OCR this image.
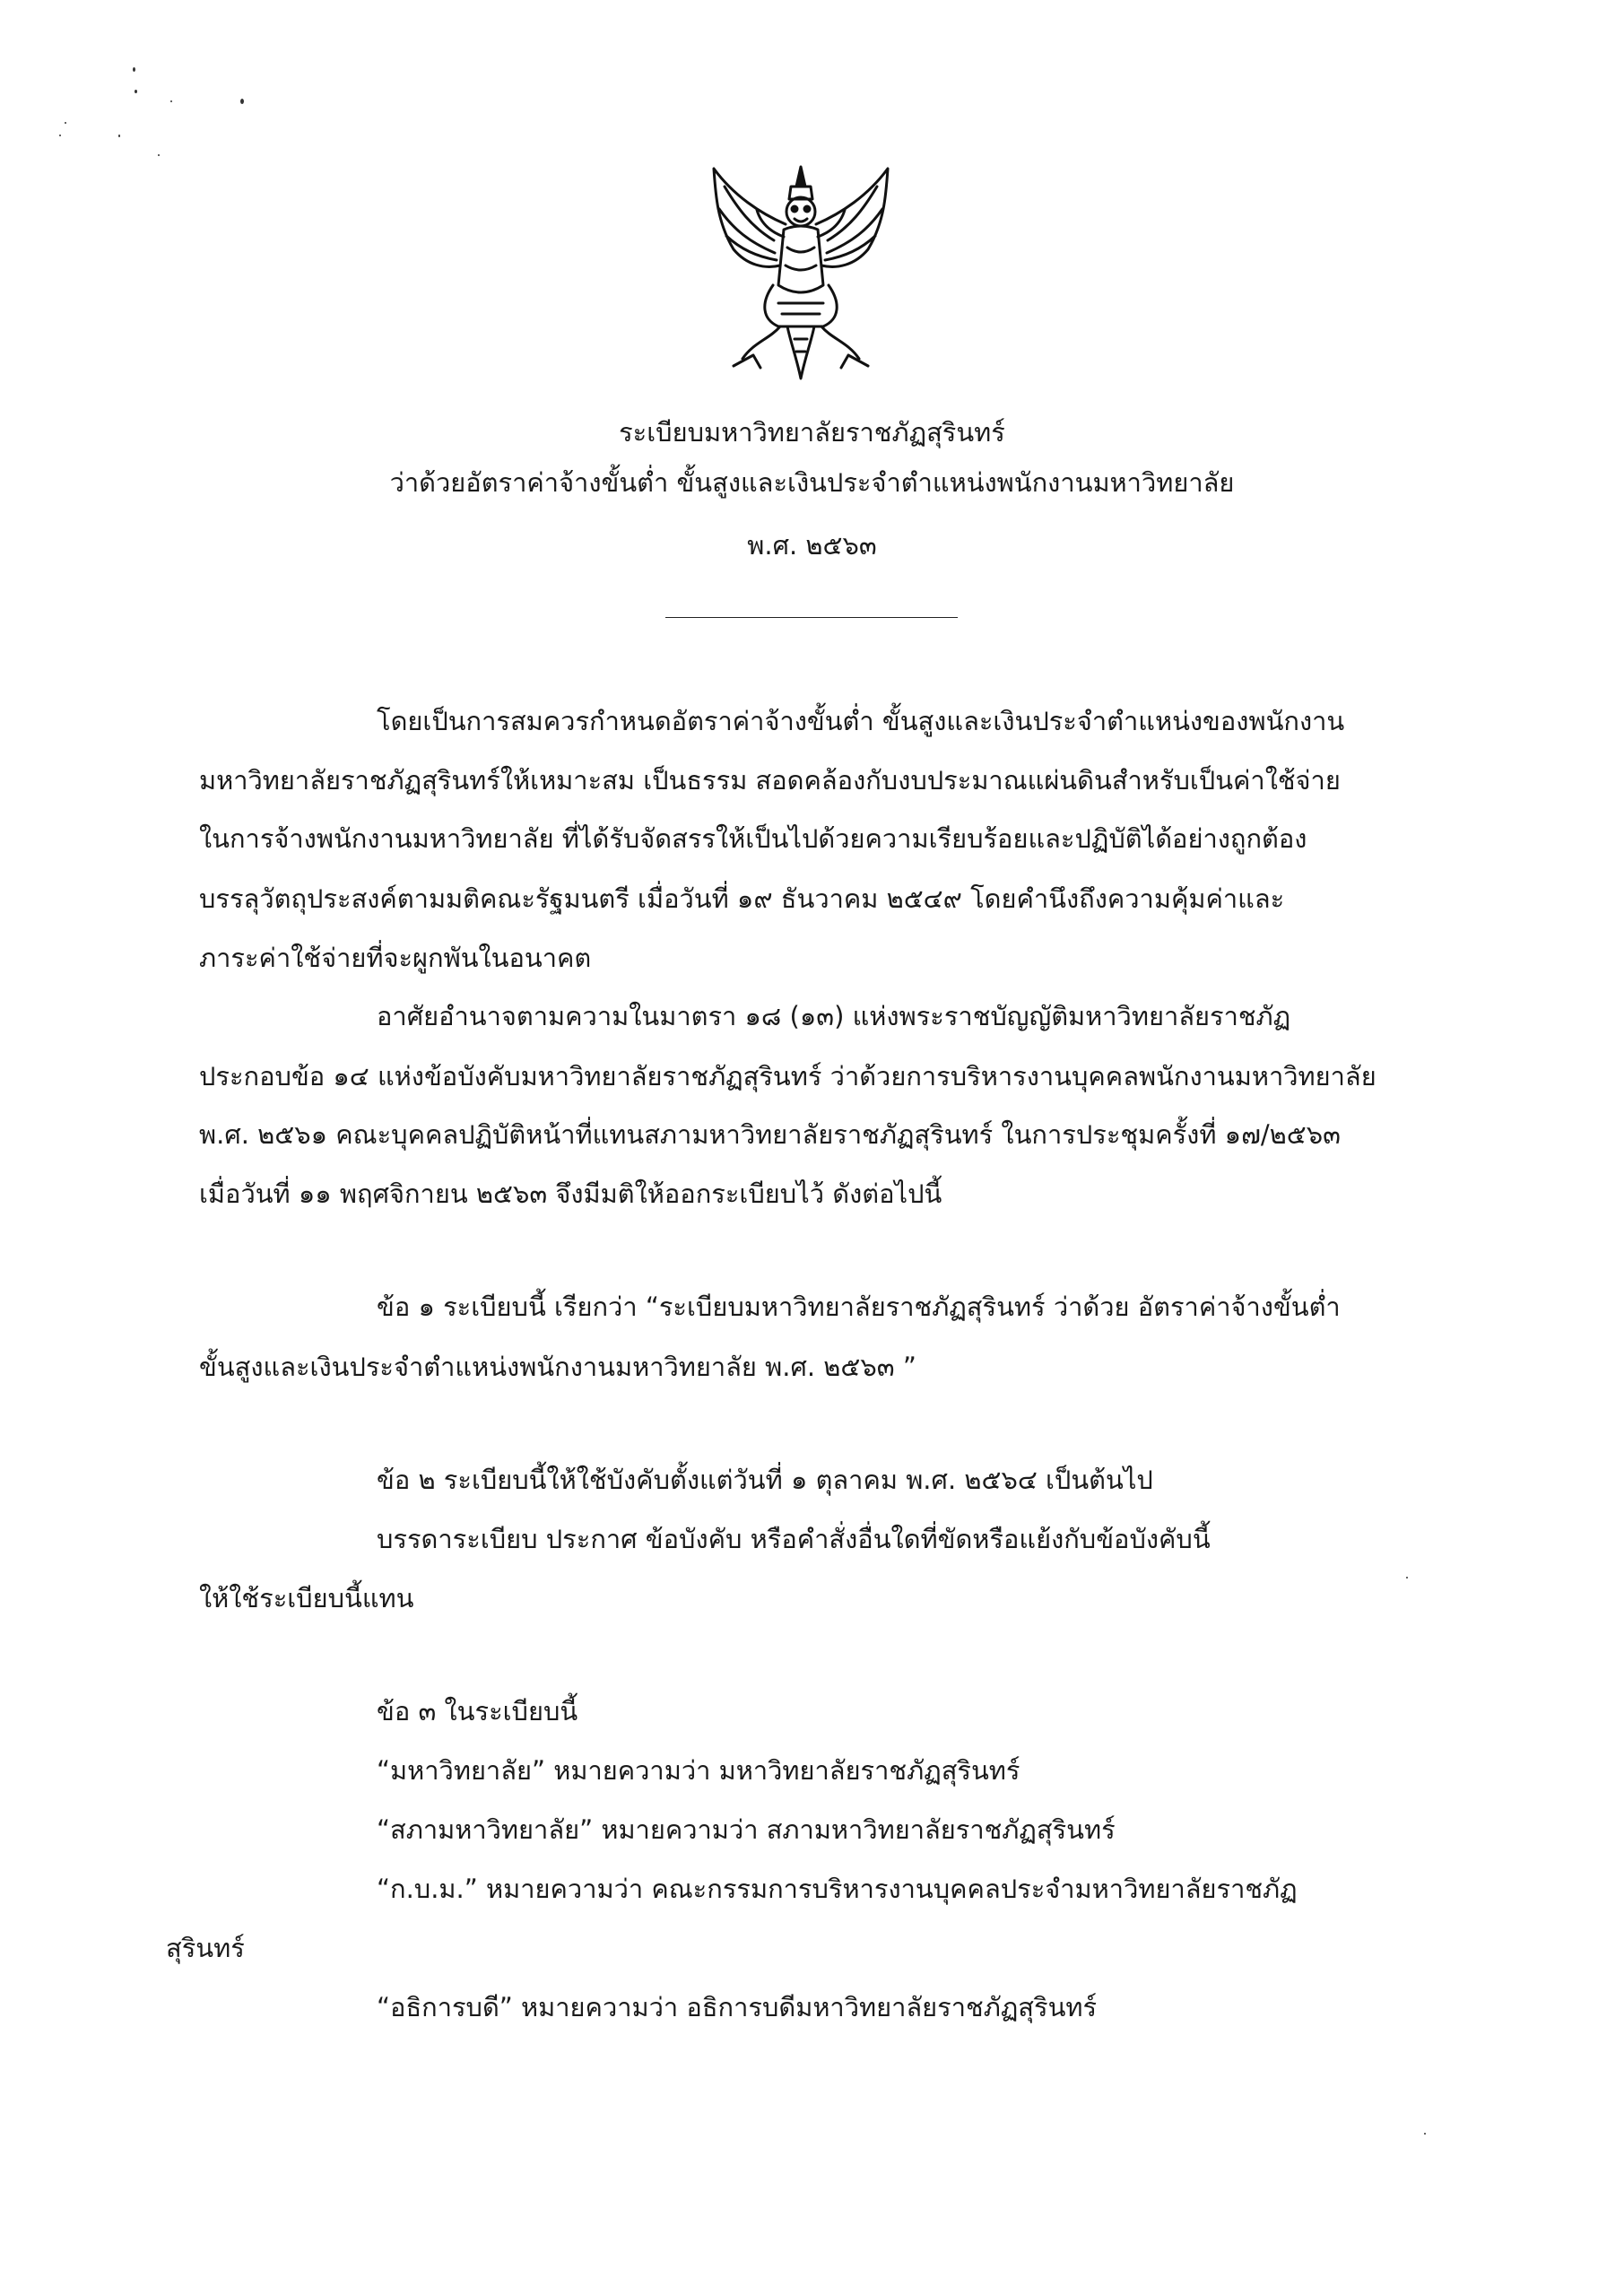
ระเบียบมหาวิทยาลัยราชภัฏสุรินทร์
ว่าด้วยอัตราค่าจ้างขั้นต่ำ ขั้นสูงและเงินประจำตำแหน่งพนักงานมหาวิทยาลัย
พ.ศ. ๒๕๖๓
โดยเป็นการสมควรกำหนดอัตราค่าจ้างขั้นต่ำ ขั้นสูงและเงินประจำตำแหน่งของพนักงาน
มหาวิทยาลัยราชภัฏสุรินทร์ให้เหมาะสม เป็นธรรม สอดคล้องกับงบประมาณแผ่นดินสำหรับเป็นค่าใช้จ่าย
ในการจ้างพนักงานมหาวิทยาลัย ที่ได้รับจัดสรรให้เป็นไปด้วยความเรียบร้อยและปฏิบัติได้อย่างถูกต้อง
บรรลุวัตถุประสงค์ตามมติคณะรัฐมนตรี เมื่อวันที่ ๑๙ ธันวาคม ๒๕๔๙ โดยคำนึงถึงความคุ้มค่าและ
ภาระค่าใช้จ่ายที่จะผูกพันในอนาคต
อาศัยอำนาจตามความในมาตรา ๑๘ (๑๓) แห่งพระราชบัญญัติมหาวิทยาลัยราชภัฏ
ประกอบข้อ ๑๔ แห่งข้อบังคับมหาวิทยาลัยราชภัฏสุรินทร์ ว่าด้วยการบริหารงานบุคคลพนักงานมหาวิทยาลัย
พ.ศ. ๒๕๖๑ คณะบุคคลปฏิบัติหน้าที่แทนสภามหาวิทยาลัยราชภัฏสุรินทร์ ในการประชุมครั้งที่ ๑๗/๒๕๖๓
เมื่อวันที่ ๑๑ พฤศจิกายน ๒๕๖๓ จึงมีมติให้ออกระเบียบไว้ ดังต่อไปนี้
ข้อ ๑ ระเบียบนี้ เรียกว่า “ระเบียบมหาวิทยาลัยราชภัฏสุรินทร์ ว่าด้วย อัตราค่าจ้างขั้นต่ำ
ขั้นสูงและเงินประจำตำแหน่งพนักงานมหาวิทยาลัย พ.ศ. ๒๕๖๓ ”
ข้อ ๒ ระเบียบนี้ให้ใช้บังคับตั้งแต่วันที่ ๑ ตุลาคม พ.ศ. ๒๕๖๔ เป็นต้นไป
บรรดาระเบียบ ประกาศ ข้อบังคับ หรือคำสั่งอื่นใดที่ขัดหรือแย้งกับข้อบังคับนี้
ให้ใช้ระเบียบนี้แทน
ข้อ ๓ ในระเบียบนี้
“มหาวิทยาลัย” หมายความว่า มหาวิทยาลัยราชภัฏสุรินทร์
“สภามหาวิทยาลัย” หมายความว่า สภามหาวิทยาลัยราชภัฏสุรินทร์
“ก.บ.ม.” หมายความว่า คณะกรรมการบริหารงานบุคคลประจำมหาวิทยาลัยราชภัฏ
สุรินทร์
“อธิการบดี” หมายความว่า อธิการบดีมหาวิทยาลัยราชภัฏสุรินทร์
